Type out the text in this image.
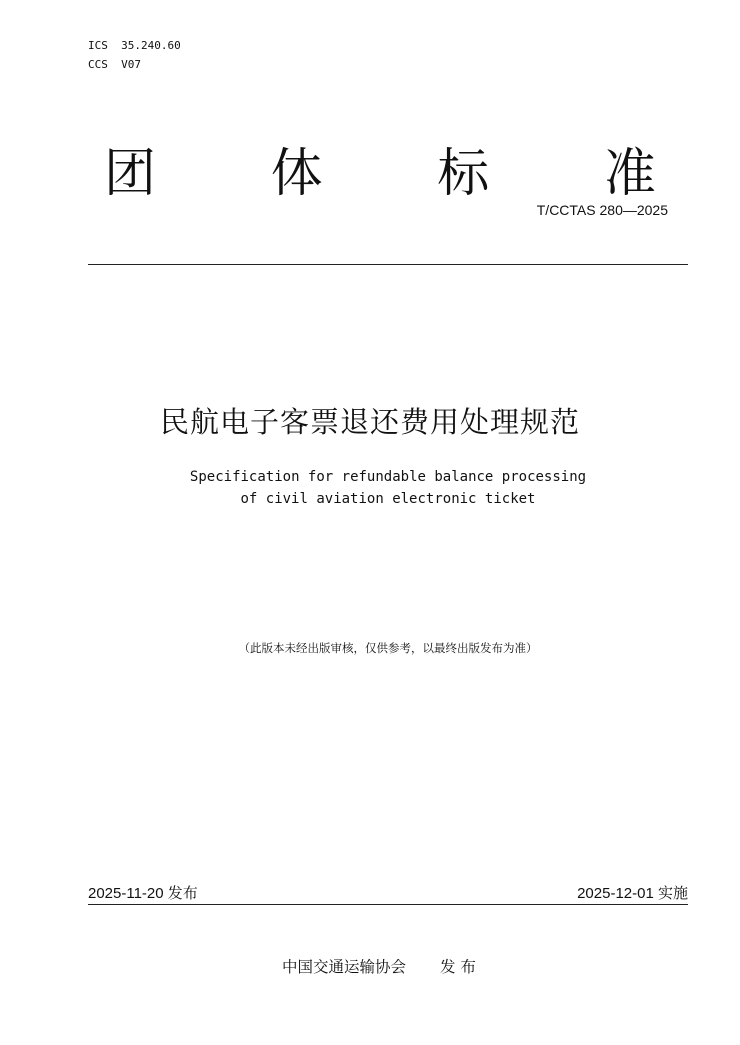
ICS  35.240.60
CCS  V07
团 体 标 准
T/CCTAS 280—2025
民航电子客票退还费用处理规范
Specification for refundable balance processing
of civil aviation electronic ticket
（此版本未经出版审核，仅供参考，以最终出版发布为准）
2025-11-20 发布	2025-12-01 实施
中国交通运输协会 发 布
